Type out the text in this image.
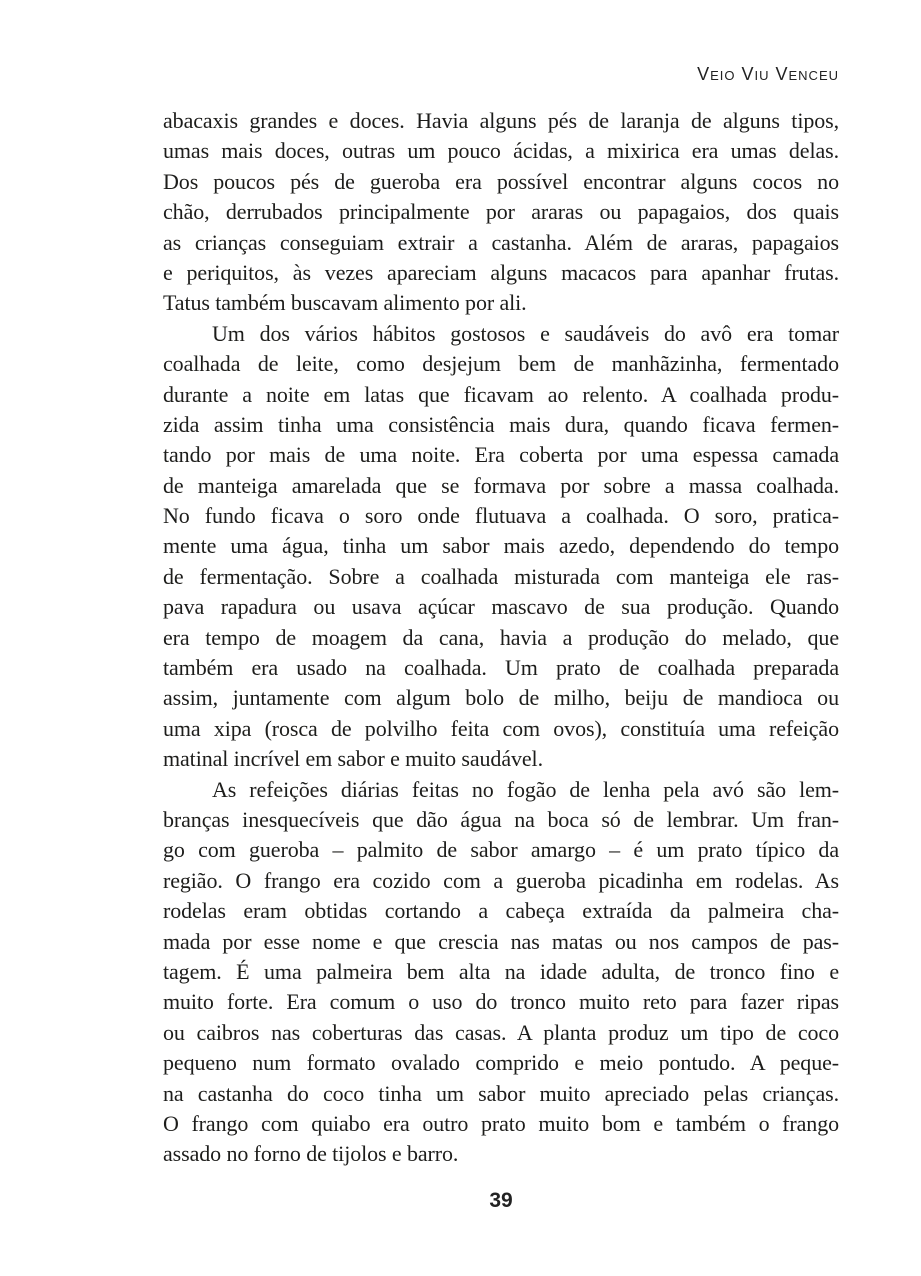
Veio Viu Venceu
abacaxis grandes e doces. Havia alguns pés de laranja de alguns tipos,
umas mais doces, outras um pouco ácidas, a mixirica era umas delas.
Dos poucos pés de gueroba era possível encontrar alguns cocos no
chão, derrubados principalmente por araras ou papagaios, dos quais
as crianças conseguiam extrair a castanha. Além de araras, papagaios
e periquitos, às vezes apareciam alguns macacos para apanhar frutas.
Tatus também buscavam alimento por ali.
Um dos vários hábitos gostosos e saudáveis do avô era tomar
coalhada de leite, como desjejum bem de manhãzinha, fermentado
durante a noite em latas que ficavam ao relento. A coalhada produ-
zida assim tinha uma consistência mais dura, quando ficava fermen-
tando por mais de uma noite. Era coberta por uma espessa camada
de manteiga amarelada que se formava por sobre a massa coalhada.
No fundo ficava o soro onde flutuava a coalhada. O soro, pratica-
mente uma água, tinha um sabor mais azedo, dependendo do tempo
de fermentação. Sobre a coalhada misturada com manteiga ele ras-
pava rapadura ou usava açúcar mascavo de sua produção. Quando
era tempo de moagem da cana, havia a produção do melado, que
também era usado na coalhada. Um prato de coalhada preparada
assim, juntamente com algum bolo de milho, beiju de mandioca ou
uma xipa (rosca de polvilho feita com ovos), constituía uma refeição
matinal incrível em sabor e muito saudável.
As refeições diárias feitas no fogão de lenha pela avó são lem-
branças inesquecíveis que dão água na boca só de lembrar. Um fran-
go com gueroba – palmito de sabor amargo – é um prato típico da
região. O frango era cozido com a gueroba picadinha em rodelas. As
rodelas eram obtidas cortando a cabeça extraída da palmeira cha-
mada por esse nome e que crescia nas matas ou nos campos de pas-
tagem. É uma palmeira bem alta na idade adulta, de tronco fino e
muito forte. Era comum o uso do tronco muito reto para fazer ripas
ou caibros nas coberturas das casas. A planta produz um tipo de coco
pequeno num formato ovalado comprido e meio pontudo. A peque-
na castanha do coco tinha um sabor muito apreciado pelas crianças.
O frango com quiabo era outro prato muito bom e também o frango
assado no forno de tijolos e barro.
39
